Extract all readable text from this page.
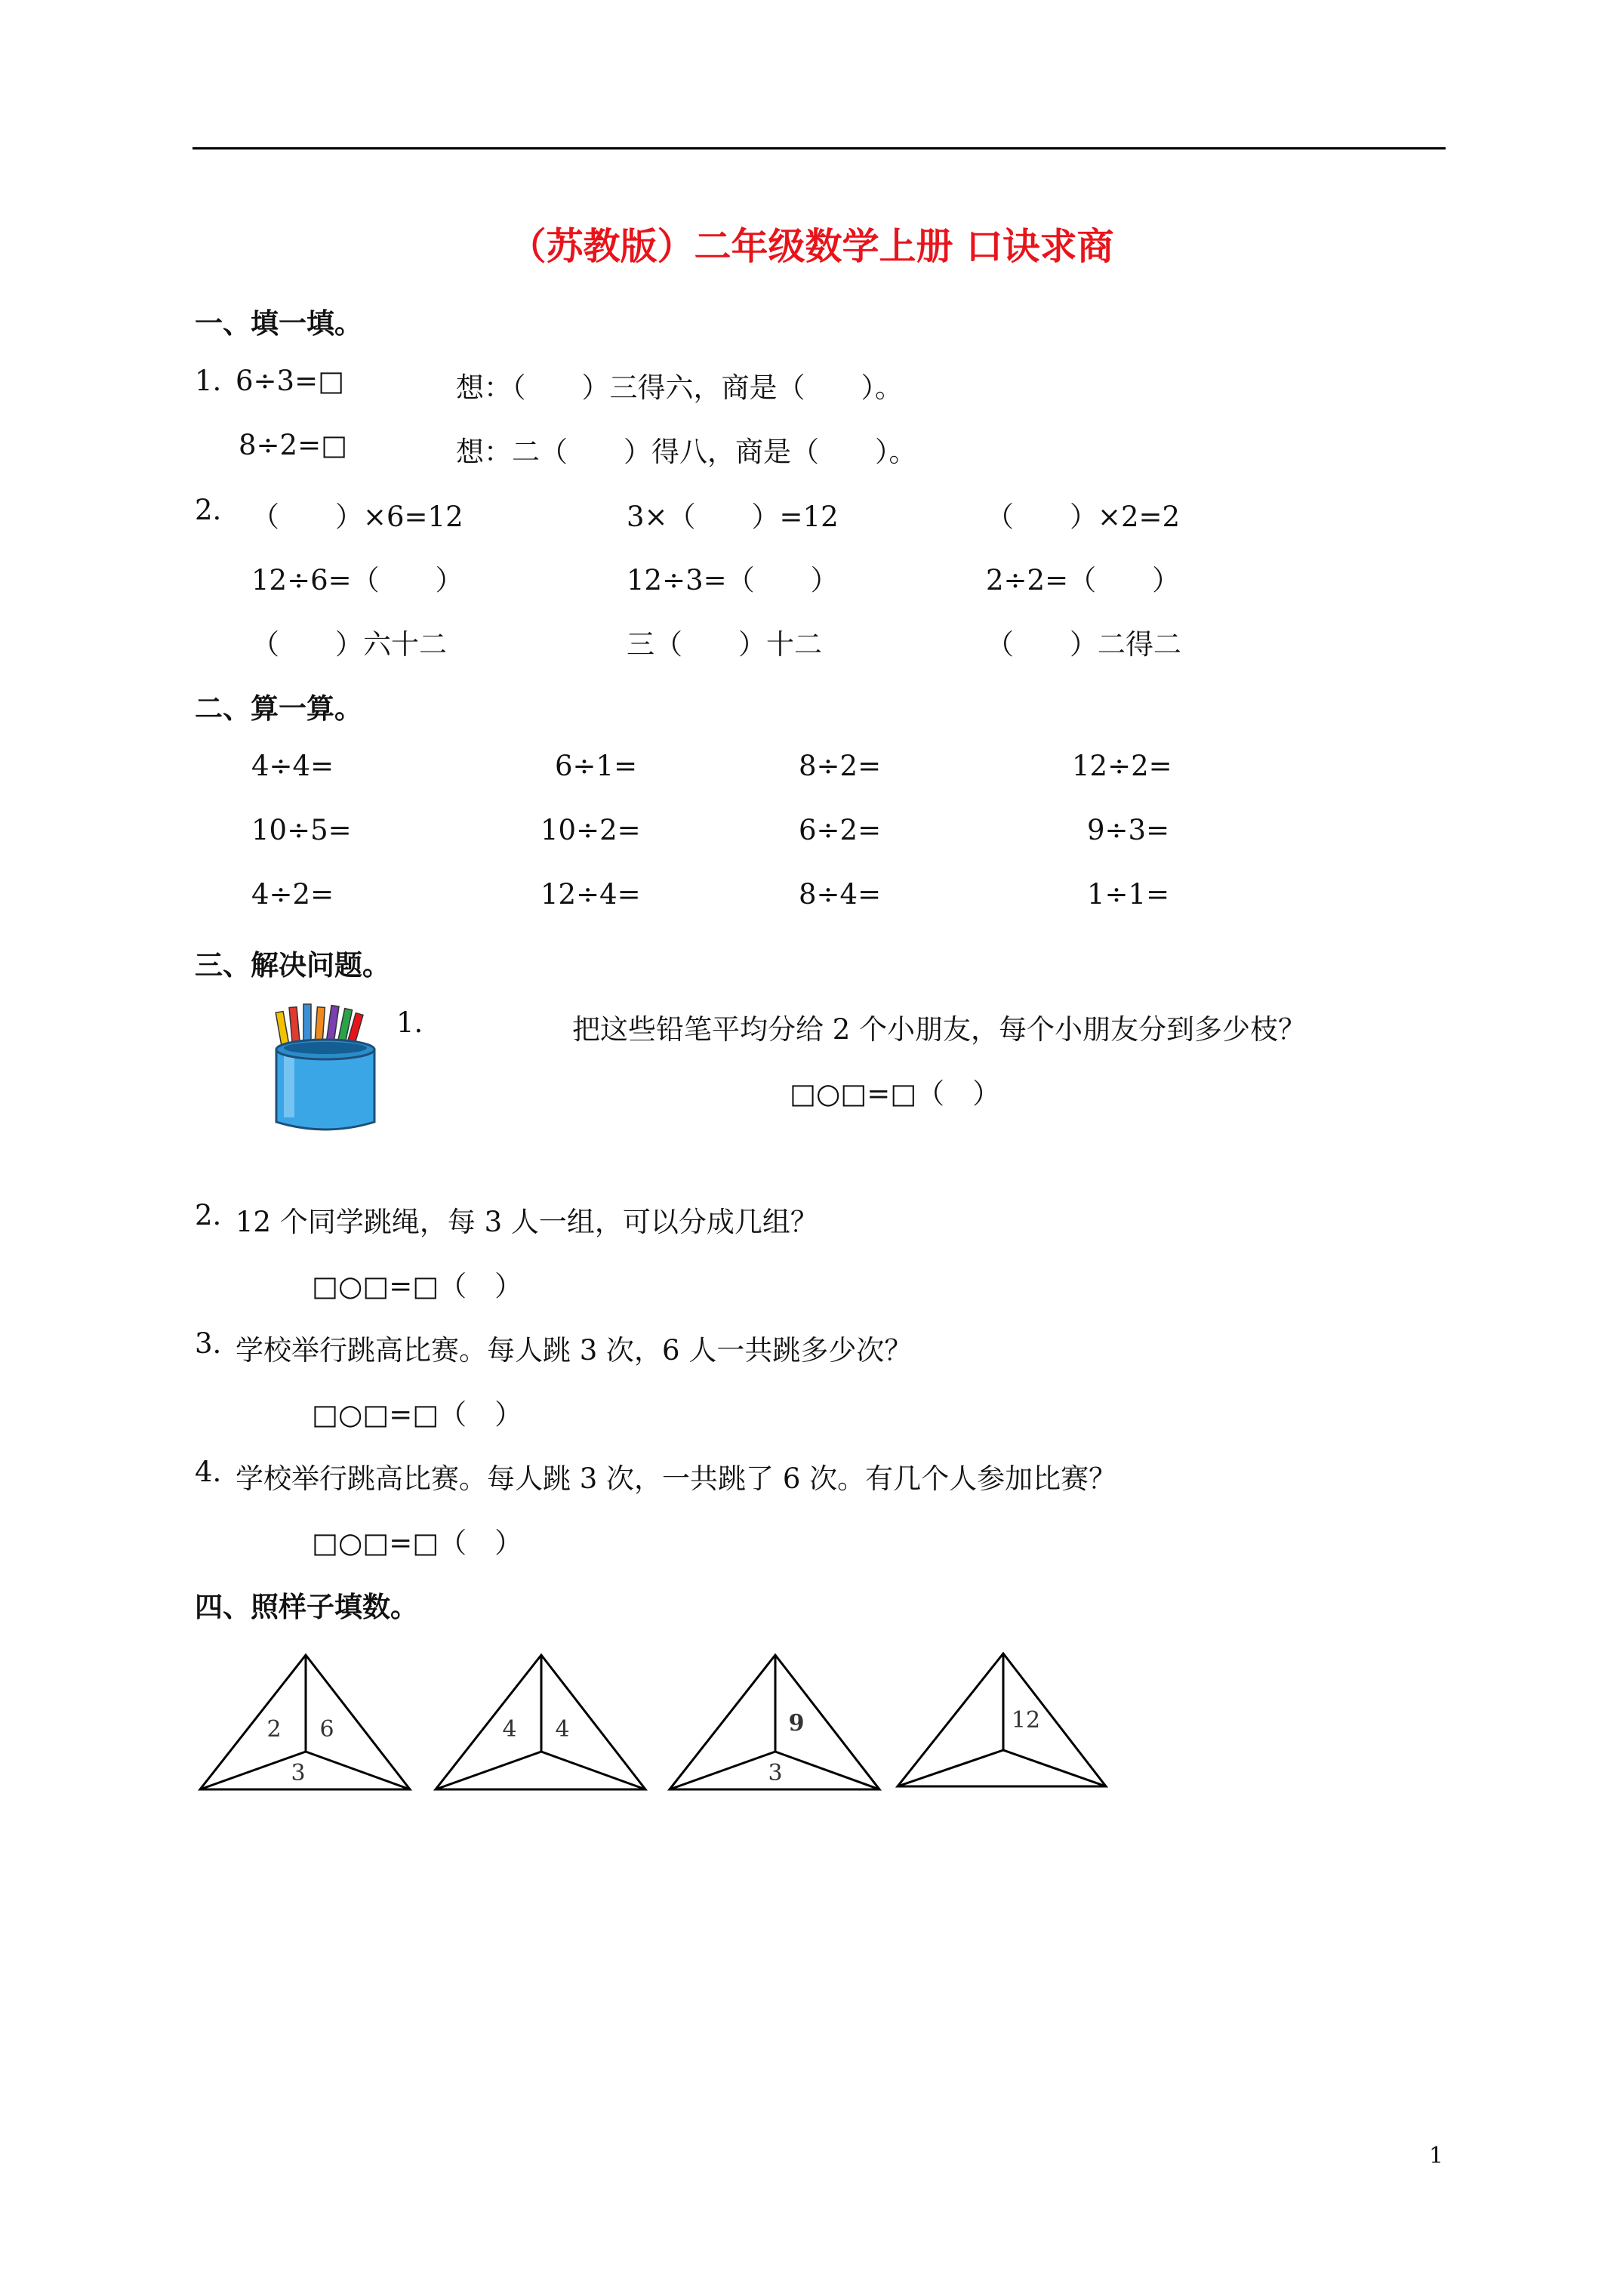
（苏教版）二年级数学上册 口诀求商
一、填一填。
1. 6÷3=□	想：（　　）三得六，商是（　　）。
8÷2=□	想：二（　　）得八，商是（　　）。
2. （　　）×6=12	3×（　　）=12	（　　）×2=2
12÷6=（　　）	12÷3=（　　）	2÷2=（　　）
（　　）六十二	三（　　）十二	（　　）二得二
二、算一算。
4÷4=	6÷1=	8÷2=	12÷2=
10÷5=	10÷2=	6÷2=	9÷3=
4÷2=	12÷4=	8÷4=	1÷1=
三、解决问题。
1.	把这些铅笔平均分给 2 个小朋友，每个小朋友分到多少枝？
□○□=□（　）
2. 12 个同学跳绳，每 3 人一组，可以分成几组？
□○□=□（　）
3. 学校举行跳高比赛。每人跳 3 次，6 人一共跳多少次？
□○□=□（　）
4. 学校举行跳高比赛。每人跳 3 次，一共跳了 6 次。有几个人参加比赛？
□○□=□（　）
四、照样子填数。
2 6
3
4 4	9
3
12
1
